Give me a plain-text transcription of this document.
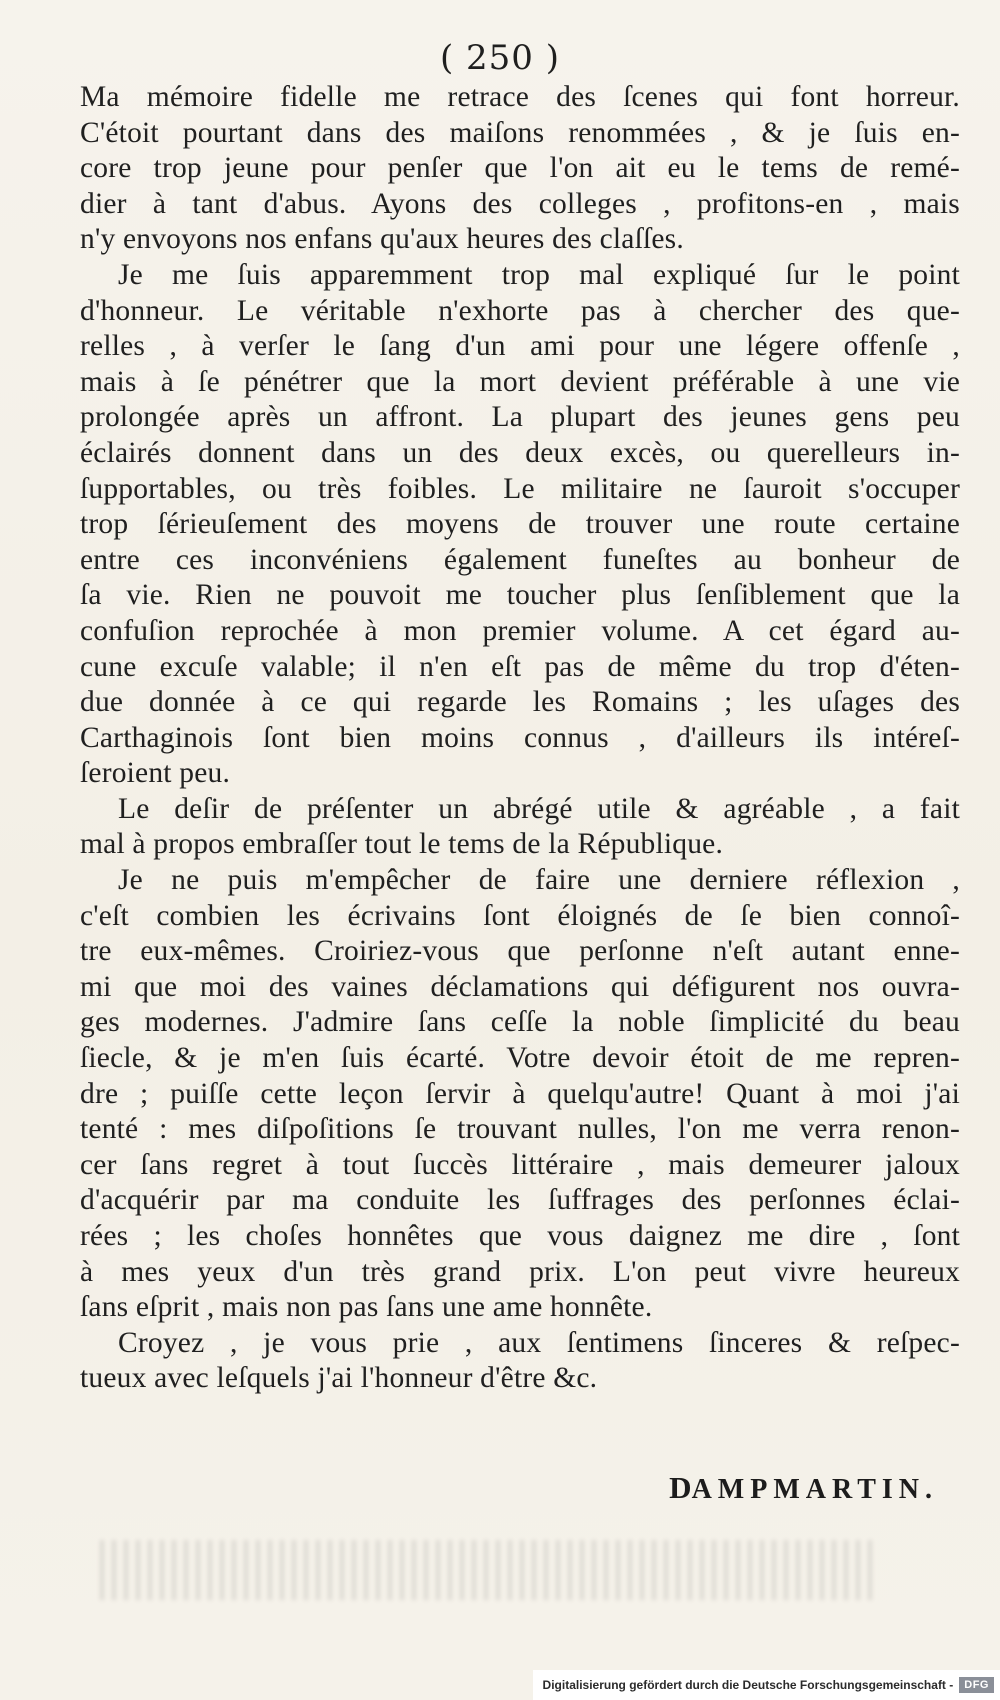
( 250 )

Ma mémoire fidelle me retrace des ſcenes qui font horreur.
C'étoit pourtant dans des maiſons renommées , & je ſuis en-
core trop jeune pour penſer que l'on ait eu le tems de remé-
dier à tant d'abus. Ayons des colleges , profitons-en , mais
n'y envoyons nos enfans qu'aux heures des claſſes.

Je me ſuis apparemment trop mal expliqué ſur le point
d'honneur. Le véritable n'exhorte pas à chercher des que-
relles , à verſer le ſang d'un ami pour une légere offenſe ,
mais à ſe pénétrer que la mort devient préférable à une vie
prolongée après un affront. La plupart des jeunes gens peu
éclairés donnent dans un des deux excès, ou querelleurs in-
ſupportables, ou très foibles. Le militaire ne ſauroit s'occuper
trop ſérieuſement des moyens de trouver une route certaine
entre ces inconvéniens également funeſtes au bonheur de
ſa vie. Rien ne pouvoit me toucher plus ſenſiblement que la
confuſion reprochée à mon premier volume. A cet égard au-
cune excuſe valable; il n'en eſt pas de même du trop d'éten-
due donnée à ce qui regarde les Romains ; les uſages des
Carthaginois ſont bien moins connus , d'ailleurs ils intéreſ-
ſeroient peu.

Le deſir de préſenter un abrégé utile & agréable , a fait
mal à propos embraſſer tout le tems de la République.

Je ne puis m'empêcher de faire une derniere réflexion ,
c'eſt combien les écrivains ſont éloignés de ſe bien connoî-
tre eux-mêmes. Croiriez-vous que perſonne n'eſt autant enne-
mi que moi des vaines déclamations qui défigurent nos ouvra-
ges modernes. J'admire ſans ceſſe la noble ſimplicité du beau
ſiecle, & je m'en ſuis écarté. Votre devoir étoit de me repren-
dre ; puiſſe cette leçon ſervir à quelqu'autre! Quant à moi j'ai
tenté : mes diſpoſitions ſe trouvant nulles, l'on me verra renon-
cer ſans regret à tout ſuccès littéraire , mais demeurer jaloux
d'acquérir par ma conduite les ſuffrages des perſonnes éclai-
rées ; les choſes honnêtes que vous daignez me dire , ſont
à mes yeux d'un très grand prix. L'on peut vivre heureux
ſans eſprit , mais non pas ſans une ame honnête.

Croyez , je vous prie , aux ſentimens ſinceres & reſpec-
tueux avec leſquels j'ai l'honneur d'être &c.

DAMPMARTIN.
Digitalisierung gefördert durch die Deutsche Forschungsgemeinschaft -	DFG
